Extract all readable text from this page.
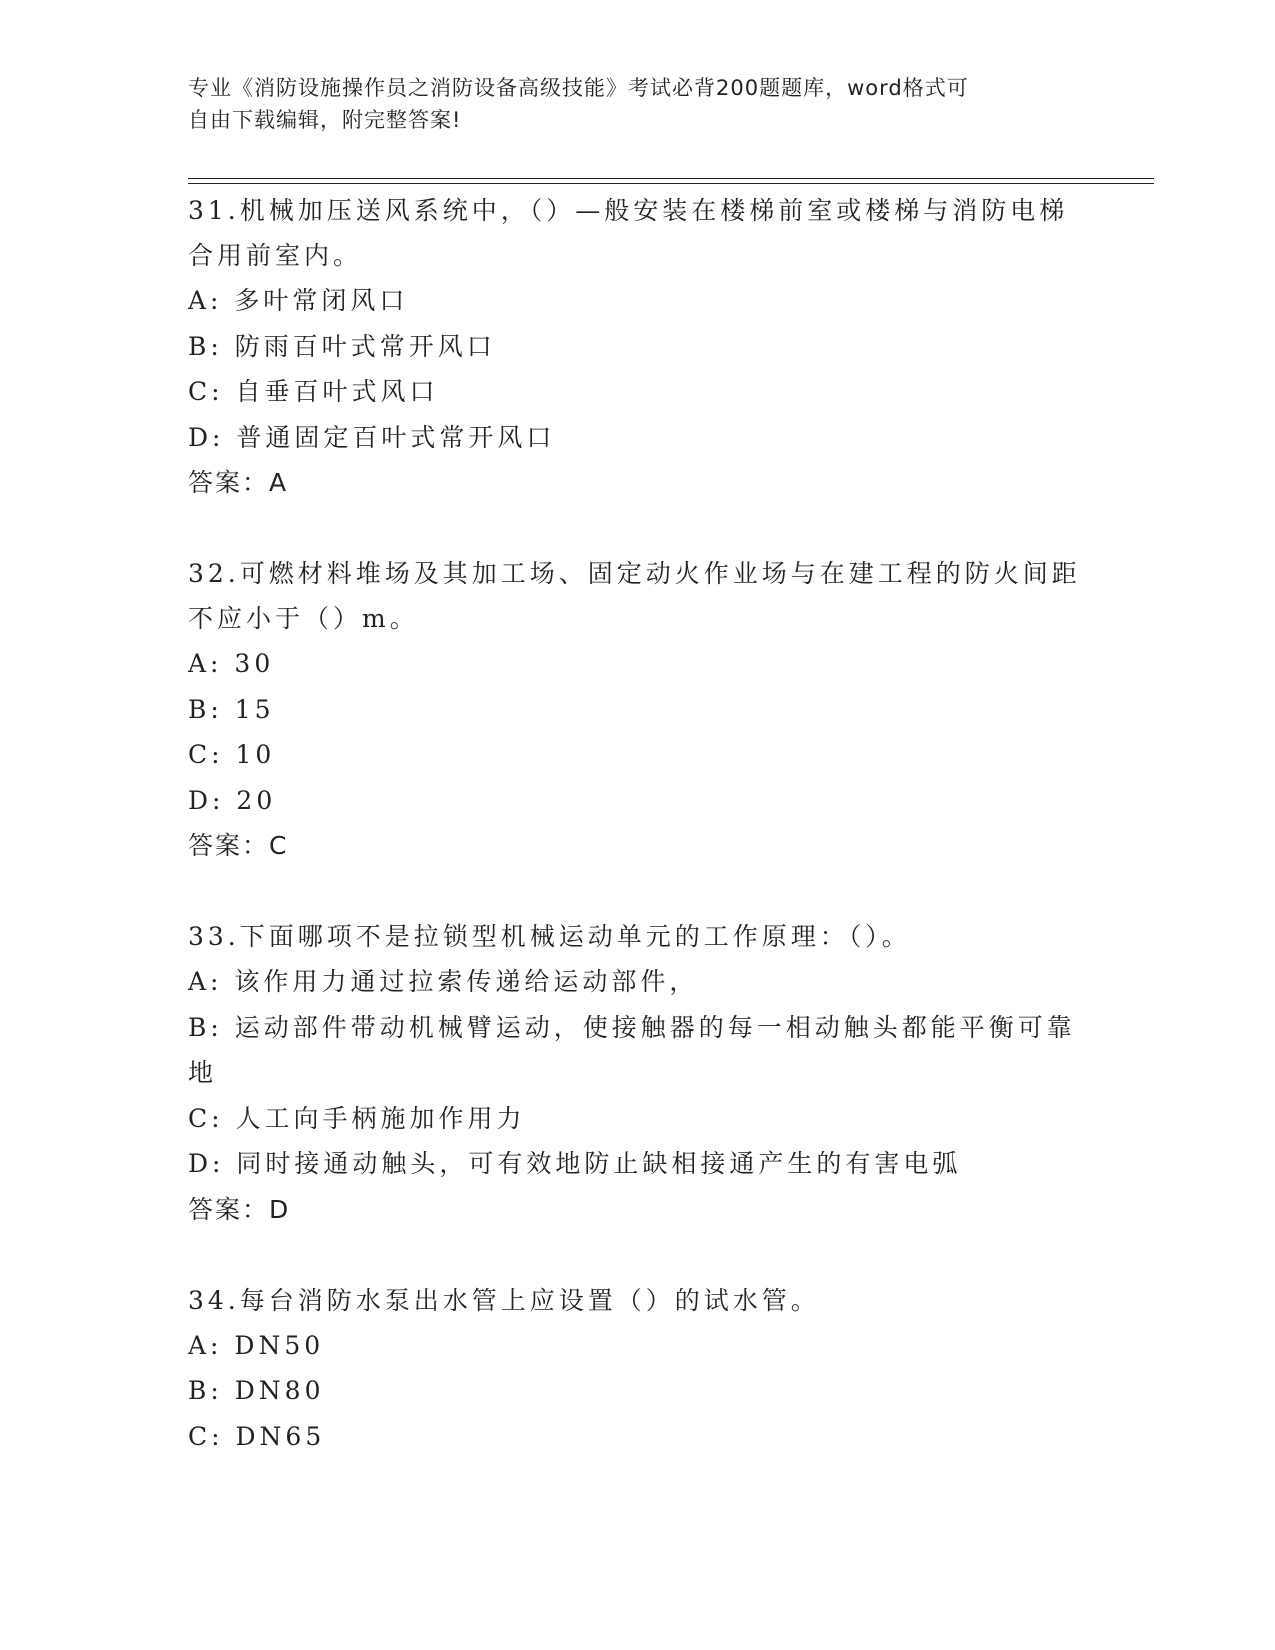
专业《消防设施操作员之消防设备高级技能》考试必背200题题库，word格式可
自由下载编辑，附完整答案!

31.机械加压送风系统中，（）—般安装在楼梯前室或楼梯与消防电梯

合用前室内。

A: 多叶常闭风口

B: 防雨百叶式常开风口

C: 自垂百叶式风口

D: 普通固定百叶式常开风口

答案：A

32.可燃材料堆场及其加工场、固定动火作业场与在建工程的防火间距

不应小于（）m。

A: 30

B: 15

C: 10

D: 20

答案：C

33.下面哪项不是拉锁型机械运动单元的工作原理：（）。

A: 该作用力通过拉索传递给运动部件，

B: 运动部件带动机械臂运动，使接触器的每一相动触头都能平衡可靠

地

C: 人工向手柄施加作用力

D: 同时接通动触头，可有效地防止缺相接通产生的有害电弧

答案：D

34.每台消防水泵出水管上应设置（）的试水管。

A: DN50

B: DN80

C: DN65
